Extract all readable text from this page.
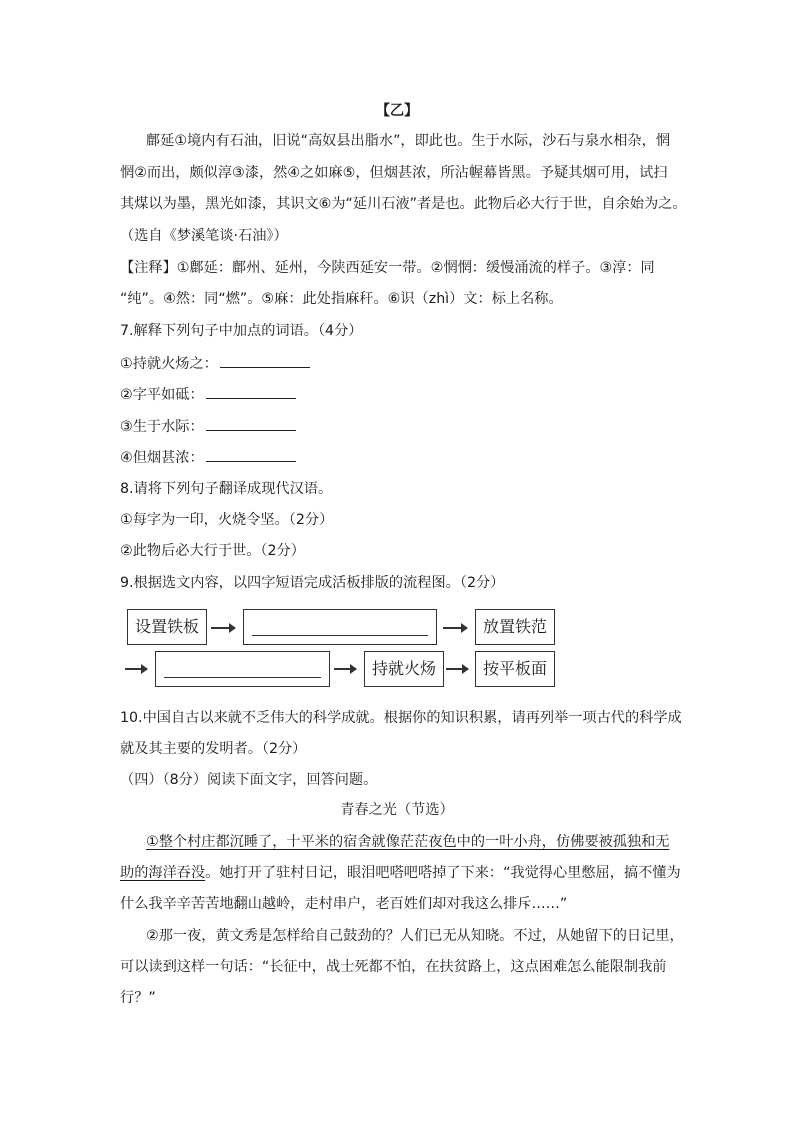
【乙】
鄜延①境内有石油，旧说“高奴县出脂水”，即此也。生于水际，沙石与泉水相杂，惘
惘②而出，颇似淳③漆，然④之如麻⑤，但烟甚浓，所沾幄幕皆黑。予疑其烟可用，试扫
其煤以为墨，黑光如漆，其识文⑥为“延川石液”者是也。此物后必大行于世，自余始为之。
（选自《梦溪笔谈·石油》）
【注释】①鄜延：鄜州、延州，今陕西延安一带。②惘惘：缓慢涌流的样子。③淳：同
“纯”。④然：同“燃”。⑤麻：此处指麻秆。⑥识（zhì）文：标上名称。
7.解释下列句子中加点的词语。（4分）
①持就火炀之：
②字平如砥：
③生于水际：
④但烟甚浓：
8.请将下列句子翻译成现代汉语。
①每字为一印，火烧令坚。（2分）
②此物后必大行于世。（2分）
9.根据选文内容，以四字短语完成活板排版的流程图。（2分）
设置铁板	放置铁范
持就火炀	按平板面
10.中国自古以来就不乏伟大的科学成就。根据你的知识积累，请再列举一项古代的科学成
就及其主要的发明者。（2分）
（四）（8分）阅读下面文字，回答问题。
青春之光（节选）
①整个村庄都沉睡了，十平米的宿舍就像茫茫夜色中的一叶小舟，仿佛要被孤独和无
助的海洋吞没。她打开了驻村日记，眼泪吧嗒吧嗒掉了下来：“我觉得心里憋屈，搞不懂为
什么我辛辛苦苦地翻山越岭，走村串户，老百姓们却对我这么排斥……”
②那一夜，黄文秀是怎样给自己鼓劲的？人们已无从知晓。不过，从她留下的日记里，
可以读到这样一句话：“长征中，战士死都不怕，在扶贫路上，这点困难怎么能限制我前
行？”
